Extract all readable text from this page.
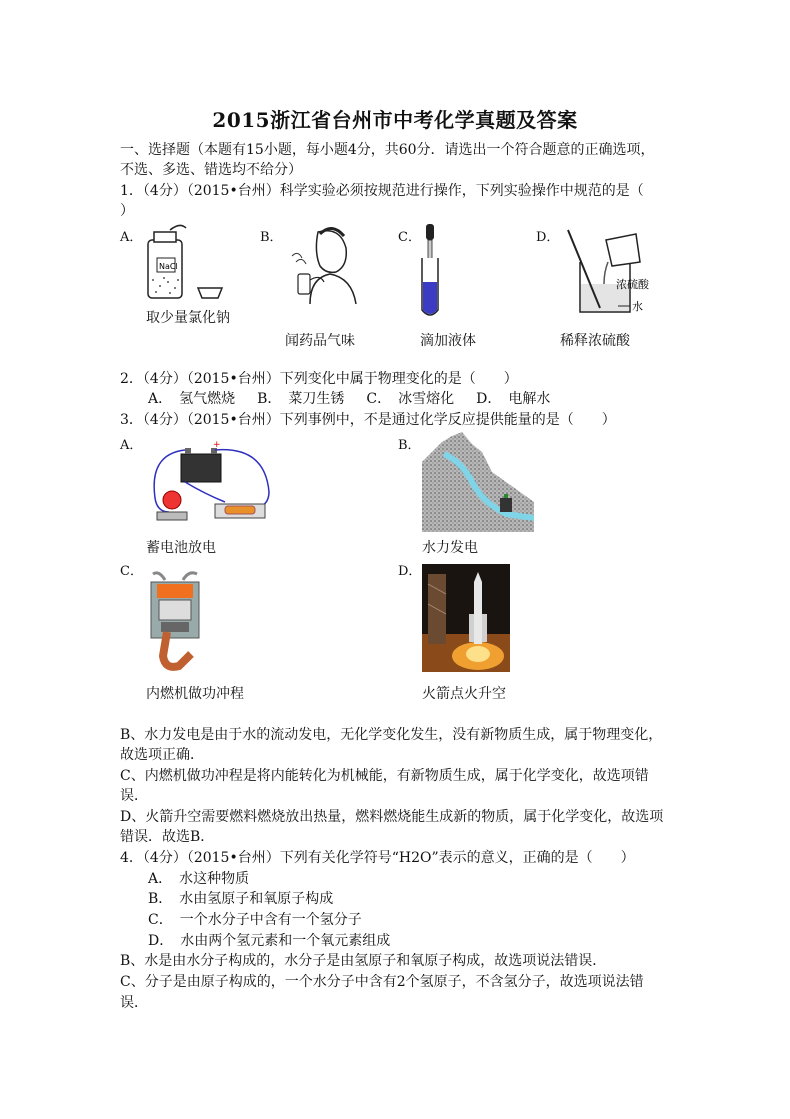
2015浙江省台州市中考化学真题及答案
一、选择题（本题有15小题，每小题4分，共60分．请选出一个符合题意的正确选项，
不选、多选、错选均不给分）
1．（4分）（2015•台州）科学实验必须按规范进行操作，下列实验操作中规范的是（
）
A．	B．	C．	D．
NaCl
取少量氯化钠
闻药品气味	滴加液体
浓硫酸
水
稀释浓硫酸
2．（4分）（2015•台州）下列变化中属于物理变化的是（　　）
A．　氢气燃烧 B．　菜刀生锈 C．　冰雪熔化 D．　电解水
3．（4分）（2015•台州）下列事例中，不是通过化学反应提供能量的是（　　）
A．	B．
+
蓄电池放电	水力发电
C．	D．
内燃机做功冲程	火箭点火升空
B、水力发电是由于水的流动发电，无化学变化发生，没有新物质生成，属于物理变化，
故选项正确．
C、内燃机做功冲程是将内能转化为机械能，有新物质生成，属于化学变化，故选项错
误．
D、火箭升空需要燃料燃烧放出热量，燃料燃烧能生成新的物质，属于化学变化，故选项
错误．故选B．
4．（4分）（2015•台州）下列有关化学符号“H2O”表示的意义，正确的是（　　）
A．　水这种物质
B．　水由氢原子和氧原子构成
C．　一个水分子中含有一个氢分子
D．　水由两个氢元素和一个氧元素组成
B、水是由水分子构成的，水分子是由氢原子和氧原子构成，故选项说法错误．
C、分子是由原子构成的，一个水分子中含有2个氢原子，不含氢分子，故选项说法错
误．
